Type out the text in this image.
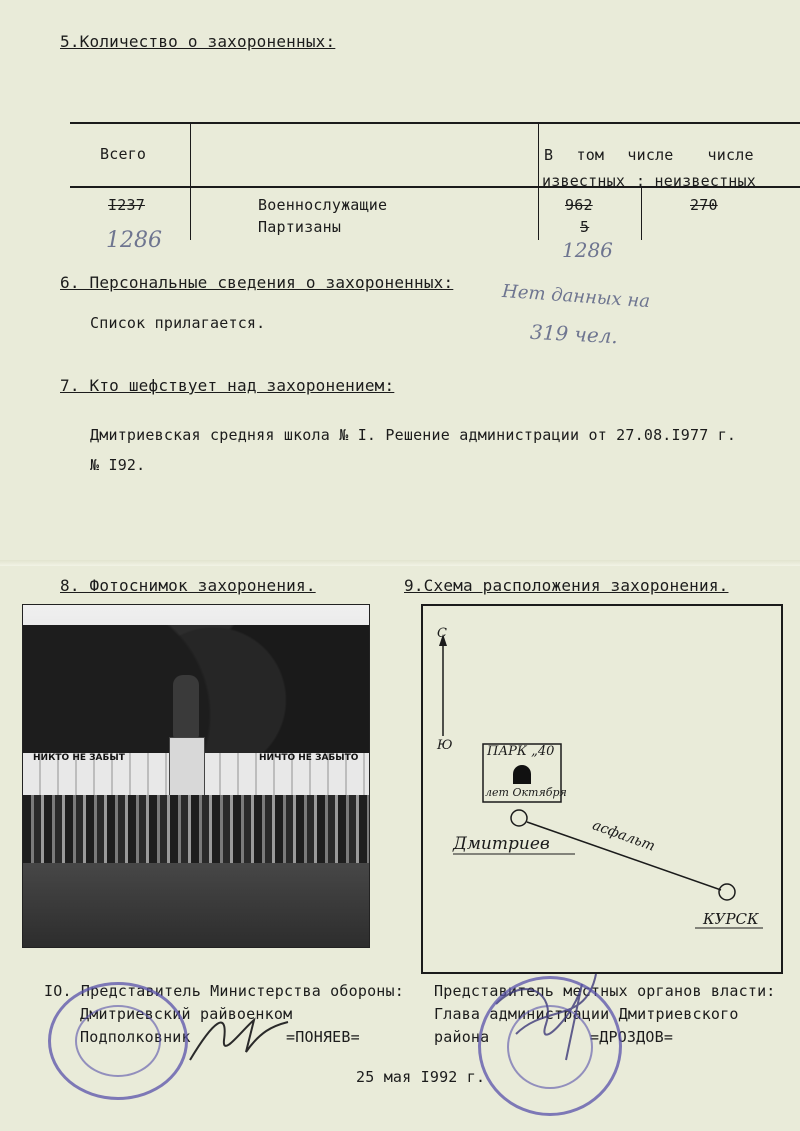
5.Количество о захороненных:
Всего	В том числе числе
известных : неизвестных
I237	Военнослужащие	962	270
Партизаны	5
1286	1286
6. Персональные сведения о захороненных:
Список прилагается.
Нет данных на
319 чел.
7. Кто шефствует над захоронением:
Дмитриевская средняя школа № I. Решение администрации от 27.08.I977 г.
№ I92.
8. Фотоснимок захоронения.
НИКТО НЕ ЗАБЫТ	НИЧТО НЕ ЗАБЫТО
9.Схема расположения захоронения.
С
Ю	ПАРК „40
лет Октября
Дмитриев	асфальт
КУРСК
IO. Представитель Министерства обороны:
Дмитриевский райвоенком
Подполковник	=ПОНЯЕВ=
Представитель местных органов власти:
Глава администрации Дмитриевского
района	=ДРОЗДОВ=
25 мая I992 г.
